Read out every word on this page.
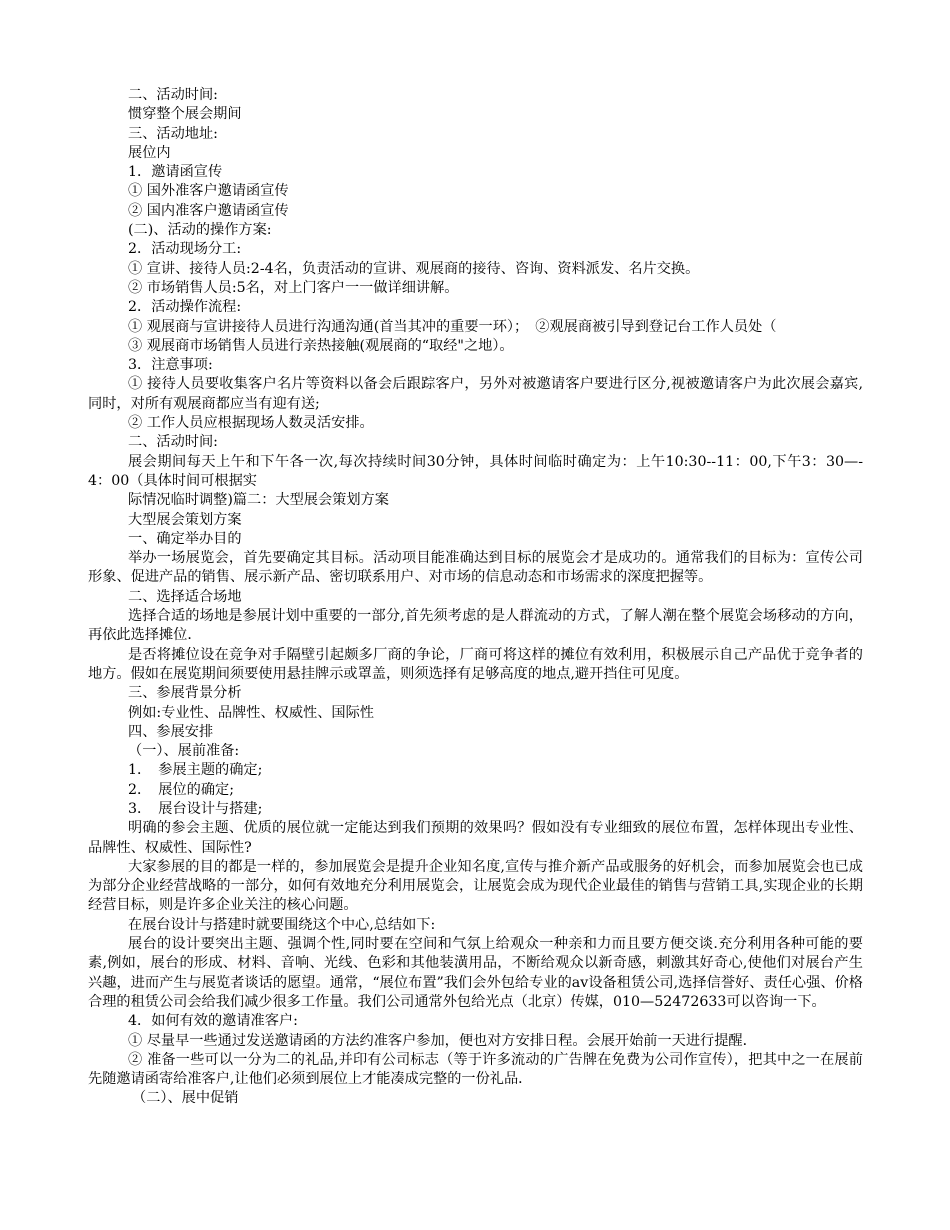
二、活动时间:

惯穿整个展会期间

三、活动地址:

展位内

1．邀请函宣传

① 国外准客户邀请函宣传

② 国内准客户邀请函宣传

(二)、活动的操作方案:

2．活动现场分工:

① 宣讲、接待人员:2-4名，负责活动的宣讲、观展商的接待、咨询、资料派发、名片交换。

② 市场销售人员:5名，对上门客户一一做详细讲解。

2．活动操作流程:

① 观展商与宣讲接待人员进行沟通沟通(首当其冲的重要一环）；　②观展商被引导到登记台工作人员处（

③ 观展商市场销售人员进行亲热接触(观展商的“取经"之地）。

3．注意事项:

① 接待人员要收集客户名片等资料以备会后跟踪客户，另外对被邀请客户要进行区分,视被邀请客户为此次展会嘉宾,同时，对所有观展商都应当有迎有送;

② 工作人员应根据现场人数灵活安排。

二、活动时间:

展会期间每天上午和下午各一次,每次持续时间30分钟，具体时间临时确定为：上午10:30--11：00,下午3：30—-4：00（具体时间可根据实

际情况临时调整)篇二：大型展会策划方案

大型展会策划方案

一、确定举办目的

举办一场展览会，首先要确定其目标。活动项目能准确达到目标的展览会才是成功的。通常我们的目标为：宣传公司形象、促进产品的销售、展示新产品、密切联系用户、对市场的信息动态和市场需求的深度把握等。

二、选择适合场地

选择合适的场地是参展计划中重要的一部分,首先须考虑的是人群流动的方式，了解人潮在整个展览会场移动的方向，再依此选择摊位．

是否将摊位设在竞争对手隔壁引起颇多厂商的争论，厂商可将这样的摊位有效利用，积极展示自己产品优于竞争者的地方。假如在展览期间须要使用悬挂牌示或罩盖，则须选择有足够高度的地点,避开挡住可见度。

三、参展背景分析

例如:专业性、品牌性、权威性、国际性

四、参展安排

（一）、展前准备:

1．　参展主题的确定;

2．　展位的确定;

3．　展台设计与搭建;

明确的参会主题、优质的展位就一定能达到我们预期的效果吗？假如没有专业细致的展位布置，怎样体现出专业性、品牌性、权威性、国际性?

大家参展的目的都是一样的，参加展览会是提升企业知名度,宣传与推介新产品或服务的好机会，而参加展览会也已成为部分企业经营战略的一部分，如何有效地充分利用展览会，让展览会成为现代企业最佳的销售与营销工具,实现企业的长期经营目标，则是许多企业关注的核心问题。

在展台设计与搭建时就要围绕这个中心,总结如下:

展台的设计要突出主题、强调个性,同时要在空间和气氛上给观众一种亲和力而且要方便交谈.充分利用各种可能的要素,例如，展台的形成、材料、音响、光线、色彩和其他装潢用品，不断给观众以新奇感，刺激其好奇心,使他们对展台产生兴趣，进而产生与展览者谈话的愿望。通常，“展位布置”我们会外包给专业的av设备租赁公司,选择信誉好、责任心强、价格合理的租赁公司会给我们减少很多工作量。我们公司通常外包给光点（北京）传媒，010—52472633可以咨询一下。

4．如何有效的邀请准客户:

① 尽量早一些通过发送邀请函的方法约准客户参加，便也对方安排日程。会展开始前一天进行提醒．

② 准备一些可以一分为二的礼品,并印有公司标志（等于许多流动的广告牌在免费为公司作宣传），把其中之一在展前先随邀请函寄给准客户,让他们必须到展位上才能凑成完整的一份礼品．

（二）、展中促销
